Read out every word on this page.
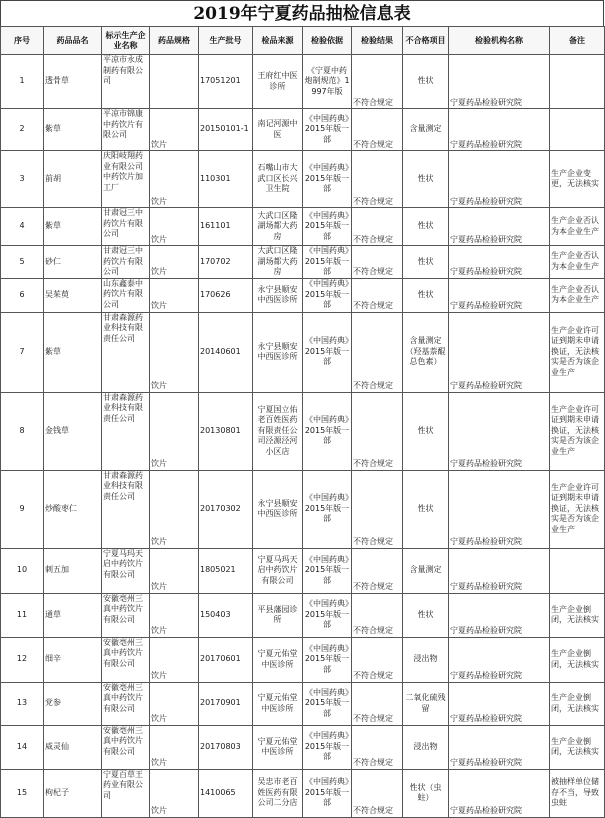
2019年宁夏药品抽检信息表
序号	药品品名	标示生产企业名称	药品规格	生产批号	检品来源	检验依据	检验结果	不合格项目	检验机构名称	备注
1	透骨草	平凉市永成制药有限公司		17051201	王府红中医诊所	《宁夏中药炮制规范》1997年版	不符合规定	性状	宁夏药品检验研究院	
2	紫草	平凉市锦康中药饮片有限公司	饮片	20150101-1	南记河源中医	《中国药典》2015年版一部	不符合规定	含量测定	宁夏药品检验研究院	
3	前胡	庆阳岐翔药业有限公司中药饮片加工厂	饮片	110301	石嘴山市大武口区长兴卫生院	《中国药典》2015年版一部	不符合规定	性状	宁夏药品检验研究院	生产企业变更，无法核实
4	紫草	甘肃冠三中药饮片有限公司	饮片	161101	大武口区隆湖场都大药房	《中国药典》2015年版一部	不符合规定	性状	宁夏药品检验研究院	生产企业否认为本企业生产
5	砂仁	甘肃冠三中药饮片有限公司	饮片	170702	大武口区隆湖场都大药房	《中国药典》2015年版一部	不符合规定	性状	宁夏药品检验研究院	生产企业否认为本企业生产
6	吴茱萸	山东鑫泰中药饮片有限公司	饮片	170626	永宁县顺安中西医诊所	《中国药典》2015年版一部	不符合规定	性状	宁夏药品检验研究院	生产企业否认为本企业生产
7	紫草	甘肃森源药业科技有限责任公司	饮片	20140601	永宁县顺安中西医诊所	《中国药典》2015年版一部	不符合规定	含量测定（羟基萘醌总色素）	宁夏药品检验研究院	生产企业许可证到期未申请换证，无法核实是否为该企业生产
8	金钱草	甘肃森源药业科技有限责任公司	饮片	20130801	宁夏国立佑老百姓医药有限责任公司泾源泾河小区店	《中国药典》2015年版一部	不符合规定	性状	宁夏药品检验研究院	生产企业许可证到期未申请换证，无法核实是否为该企业生产
9	炒酸枣仁	甘肃森源药业科技有限责任公司	饮片	20170302	永宁县顺安中西医诊所	《中国药典》2015年版一部	不符合规定	性状	宁夏药品检验研究院	生产企业许可证到期未申请换证，无法核实是否为该企业生产
10	刺五加	宁夏马玛天启中药饮片有限公司	饮片	1805021	宁夏马玛天启中药饮片有限公司	《中国药典》2015年版一部	不符合规定	含量测定	宁夏药品检验研究院	
11	通草	安徽亳州三真中药饮片有限公司	饮片	150403	平县藩园诊所	《中国药典》2015年版一部	不符合规定	性状	宁夏药品检验研究院	生产企业倒闭，无法核实
12	细辛	安徽亳州三真中药饮片有限公司	饮片	20170601	宁夏元佑堂中医诊所	《中国药典》2015年版一部	不符合规定	浸出物	宁夏药品检验研究院	生产企业倒闭，无法核实
13	党参	安徽亳州三真中药饮片有限公司	饮片	20170901	宁夏元佑堂中医诊所	《中国药典》2015年版一部	不符合规定	二氧化硫残留	宁夏药品检验研究院	生产企业倒闭，无法核实
14	威灵仙	安徽亳州三真中药饮片有限公司	饮片	20170803	宁夏元佑堂中医诊所	《中国药典》2015年版一部	不符合规定	浸出物	宁夏药品检验研究院	生产企业倒闭，无法核实
15	枸杞子	宁夏百草王药业有限公司	饮片	1410065	吴忠市老百姓医药有限公司二分店	《中国药典》2015年版一部	不符合规定	性状（虫蛀）	宁夏药品检验研究院	被抽样单位储存不当，导致虫蛀
